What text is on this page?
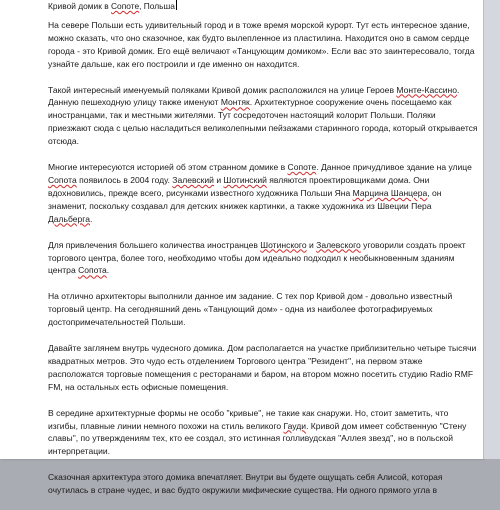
Кривой домик в Сопоте, Польша

На севере Польши есть удивительный город и в тоже время морской курорт. Тут есть интересное здание, можно сказать, что оно сказочное, как будто вылепленное из пластилина. Находится оно в самом сердце города - это Кривой домик. Его ещё величают «Танцующим домиком». Если вас это заинтересовало, тогда узнайте дальше, как его построили и где именно он находится.

Такой интересный именуемый поляками Кривой домик расположился на улице Героев Монте-Кассино. Данную пешеходную улицу также именуют Монтяк. Архитектурное сооружение очень посещаемо как иностранцами, так и местными жителями. Тут сосредоточен настоящий колорит Польши. Поляки приезжают сюда с целью насладиться великолепными пейзажами старинного города, который открывается отсюда.

Многие интересуются историей об этом странном домике в Сопоте. Данное причудливое здание на улице Сопота появилось в 2004 году. Залевский и Шотинский являются проектировщиками дома. Они вдохновились, прежде всего, рисунками известного художника Польши Яна Марцина Шанцера, он знаменит, поскольку создавал для детских книжек картинки, а также художника из Швеции Пера Дальберга.

Для привлечения большего количества иностранцев Шотинского и Залевского уговорили создать проект торгового центра, более того, необходимо чтобы дом идеально подходил к необыкновенным зданиям центра Сопота.

На отлично архитекторы выполнили данное им задание. С тех пор Кривой дом - довольно известный торговый центр. На сегодняшний день «Танцующий дом» - одна из наиболее фотографируемых достопримечательностей Польши.

Давайте заглянем внутрь чудесного домика. Дом располагается на участке приблизительно четыре тысячи квадратных метров. Это чудо есть отделением Торгового центра "Резидент", на первом этаже расположатся торговые помещения с ресторанами и баром, на втором можно посетить студию Radio RMF FM, на остальных есть офисные помещения.

В середине архитектурные формы не особо "кривые", не такие как снаружи. Но, стоит заметить, что изгибы, плавные линии немного похожи на стиль великого Гауди. Кривой дом имеет собственную "Стену славы", по утверждениям тех, кто ее создал, это истинная голливудская "Аллея звезд", но в польской интерпретации.

Сказочная архитектура этого домика впечатляет. Внутри вы будете ощущать себя Алисой, которая очутилась в стране чудес, и вас будто окружили мифические существа. Ни одного прямого угла в
